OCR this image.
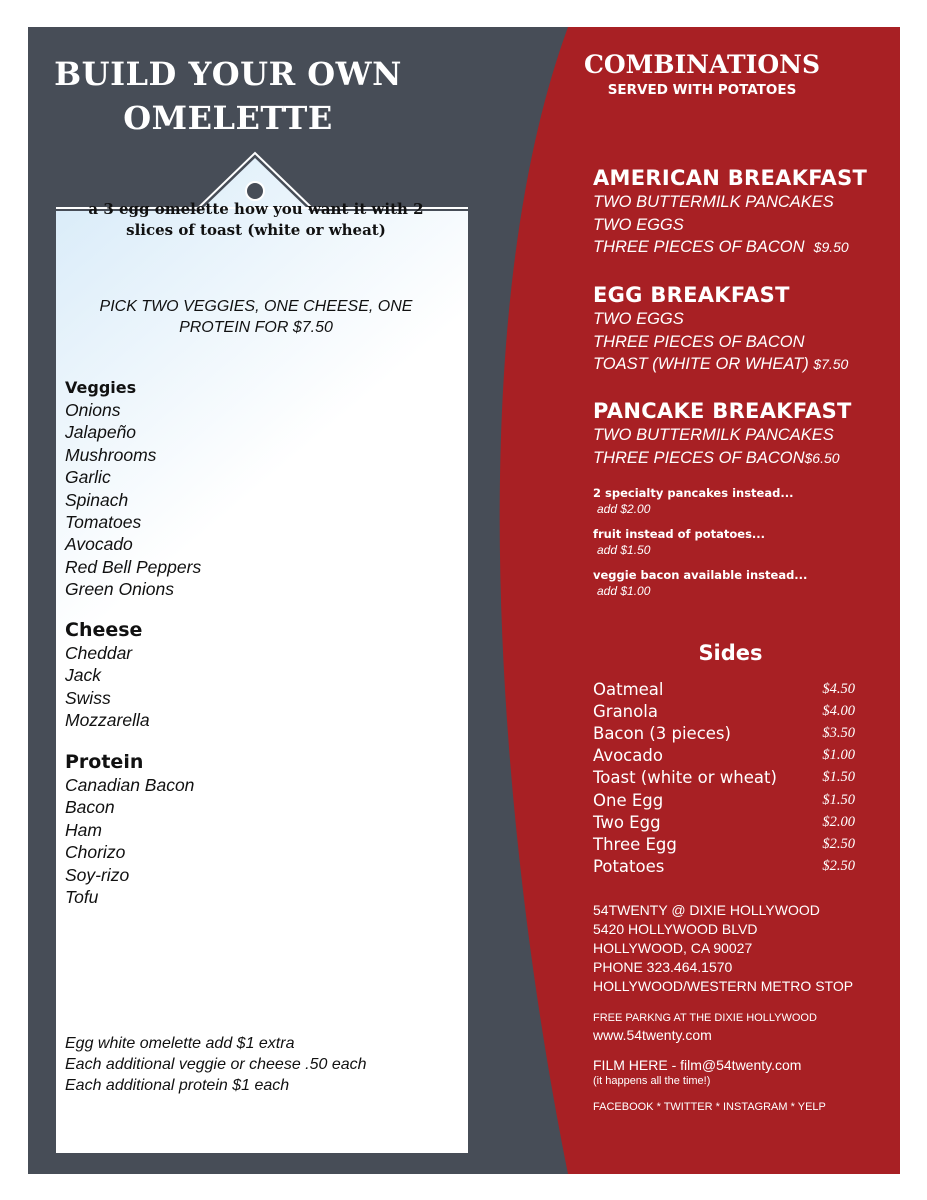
BUILD YOUR OWN
OMELETTE
a 3 egg omelette how you want it with 2
slices of toast (white or wheat)
PICK TWO VEGGIES, ONE CHEESE, ONE
PROTEIN FOR $7.50
Veggies
Onions
Jalapeño
Mushrooms
Garlic
Spinach
Tomatoes
Avocado
Red Bell Peppers
Green Onions
Cheese
Cheddar
Jack
Swiss
Mozzarella
Protein
Canadian Bacon
Bacon
Ham
Chorizo
Soy-rizo
Tofu
Egg white omelette add $1 extra
Each additional veggie or cheese .50 each
Each additional protein $1 each
COMBINATIONS
SERVED WITH POTATOES
AMERICAN BREAKFAST
TWO BUTTERMILK PANCAKES
TWO EGGS
THREE PIECES OF BACON $9.50
EGG BREAKFAST
TWO EGGS
THREE PIECES OF BACON
TOAST (WHITE OR WHEAT) $7.50
PANCAKE BREAKFAST
TWO BUTTERMILK PANCAKES
THREE PIECES OF BACON$6.50
2 specialty pancakes instead...
add $2.00
fruit instead of potatoes...
add $1.50
veggie bacon available instead...
add $1.00
Sides
Oatmeal	$4.50
Granola	$4.00
Bacon (3 pieces)	$3.50
Avocado	$1.00
Toast (white or wheat)	$1.50
One Egg	$1.50
Two Egg	$2.00
Three Egg	$2.50
Potatoes	$2.50
54TWENTY @ DIXIE HOLLYWOOD
5420 HOLLYWOOD BLVD
HOLLYWOOD, CA 90027
PHONE 323.464.1570
HOLLYWOOD/WESTERN METRO STOP
FREE PARKNG AT THE DIXIE HOLLYWOOD
www.54twenty.com
FILM HERE - film@54twenty.com
(it happens all the time!)
FACEBOOK * TWITTER * INSTAGRAM * YELP
